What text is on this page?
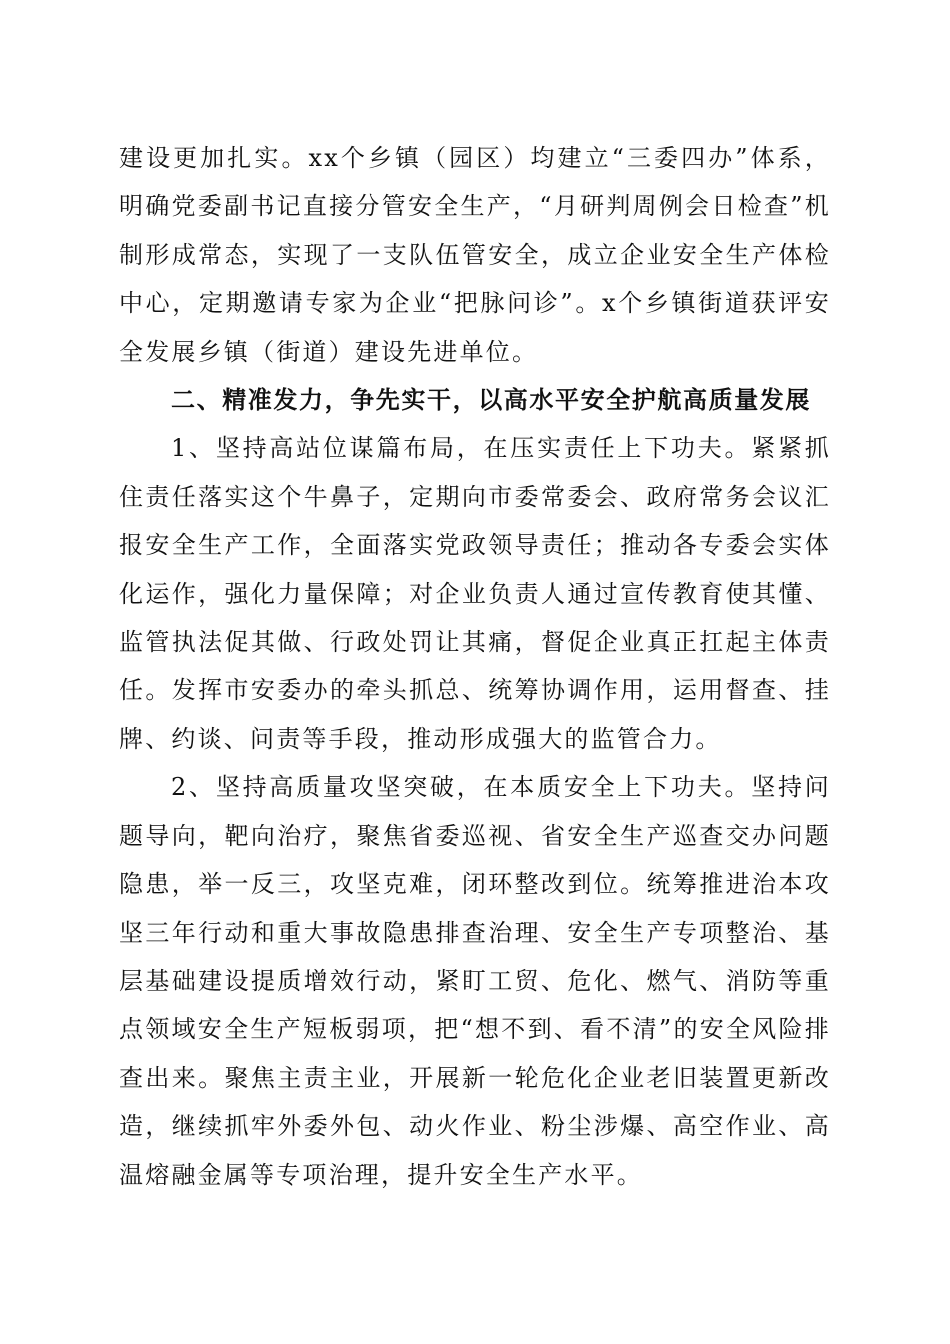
建设更加扎实。xx个乡镇（园区）均建立“三委四办”体系，明确党委副书记直接分管安全生产，“月研判周例会日检查”机制形成常态，实现了一支队伍管安全，成立企业安全生产体检中心，定期邀请专家为企业“把脉问诊”。x个乡镇街道获评安全发展乡镇（街道）建设先进单位。

二、精准发力，争先实干，以高水平安全护航高质量发展

1、坚持高站位谋篇布局，在压实责任上下功夫。紧紧抓住责任落实这个牛鼻子，定期向市委常委会、政府常务会议汇报安全生产工作，全面落实党政领导责任；推动各专委会实体化运作，强化力量保障；对企业负责人通过宣传教育使其懂、监管执法促其做、行政处罚让其痛，督促企业真正扛起主体责任。发挥市安委办的牵头抓总、统筹协调作用，运用督查、挂牌、约谈、问责等手段，推动形成强大的监管合力。

2、坚持高质量攻坚突破，在本质安全上下功夫。坚持问题导向，靶向治疗，聚焦省委巡视、省安全生产巡查交办问题隐患，举一反三，攻坚克难，闭环整改到位。统筹推进治本攻坚三年行动和重大事故隐患排查治理、安全生产专项整治、基层基础建设提质增效行动，紧盯工贸、危化、燃气、消防等重点领域安全生产短板弱项，把“想不到、看不清”的安全风险排查出来。聚焦主责主业，开展新一轮危化企业老旧装置更新改造，继续抓牢外委外包、动火作业、粉尘涉爆、高空作业、高温熔融金属等专项治理，提升安全生产水平。
